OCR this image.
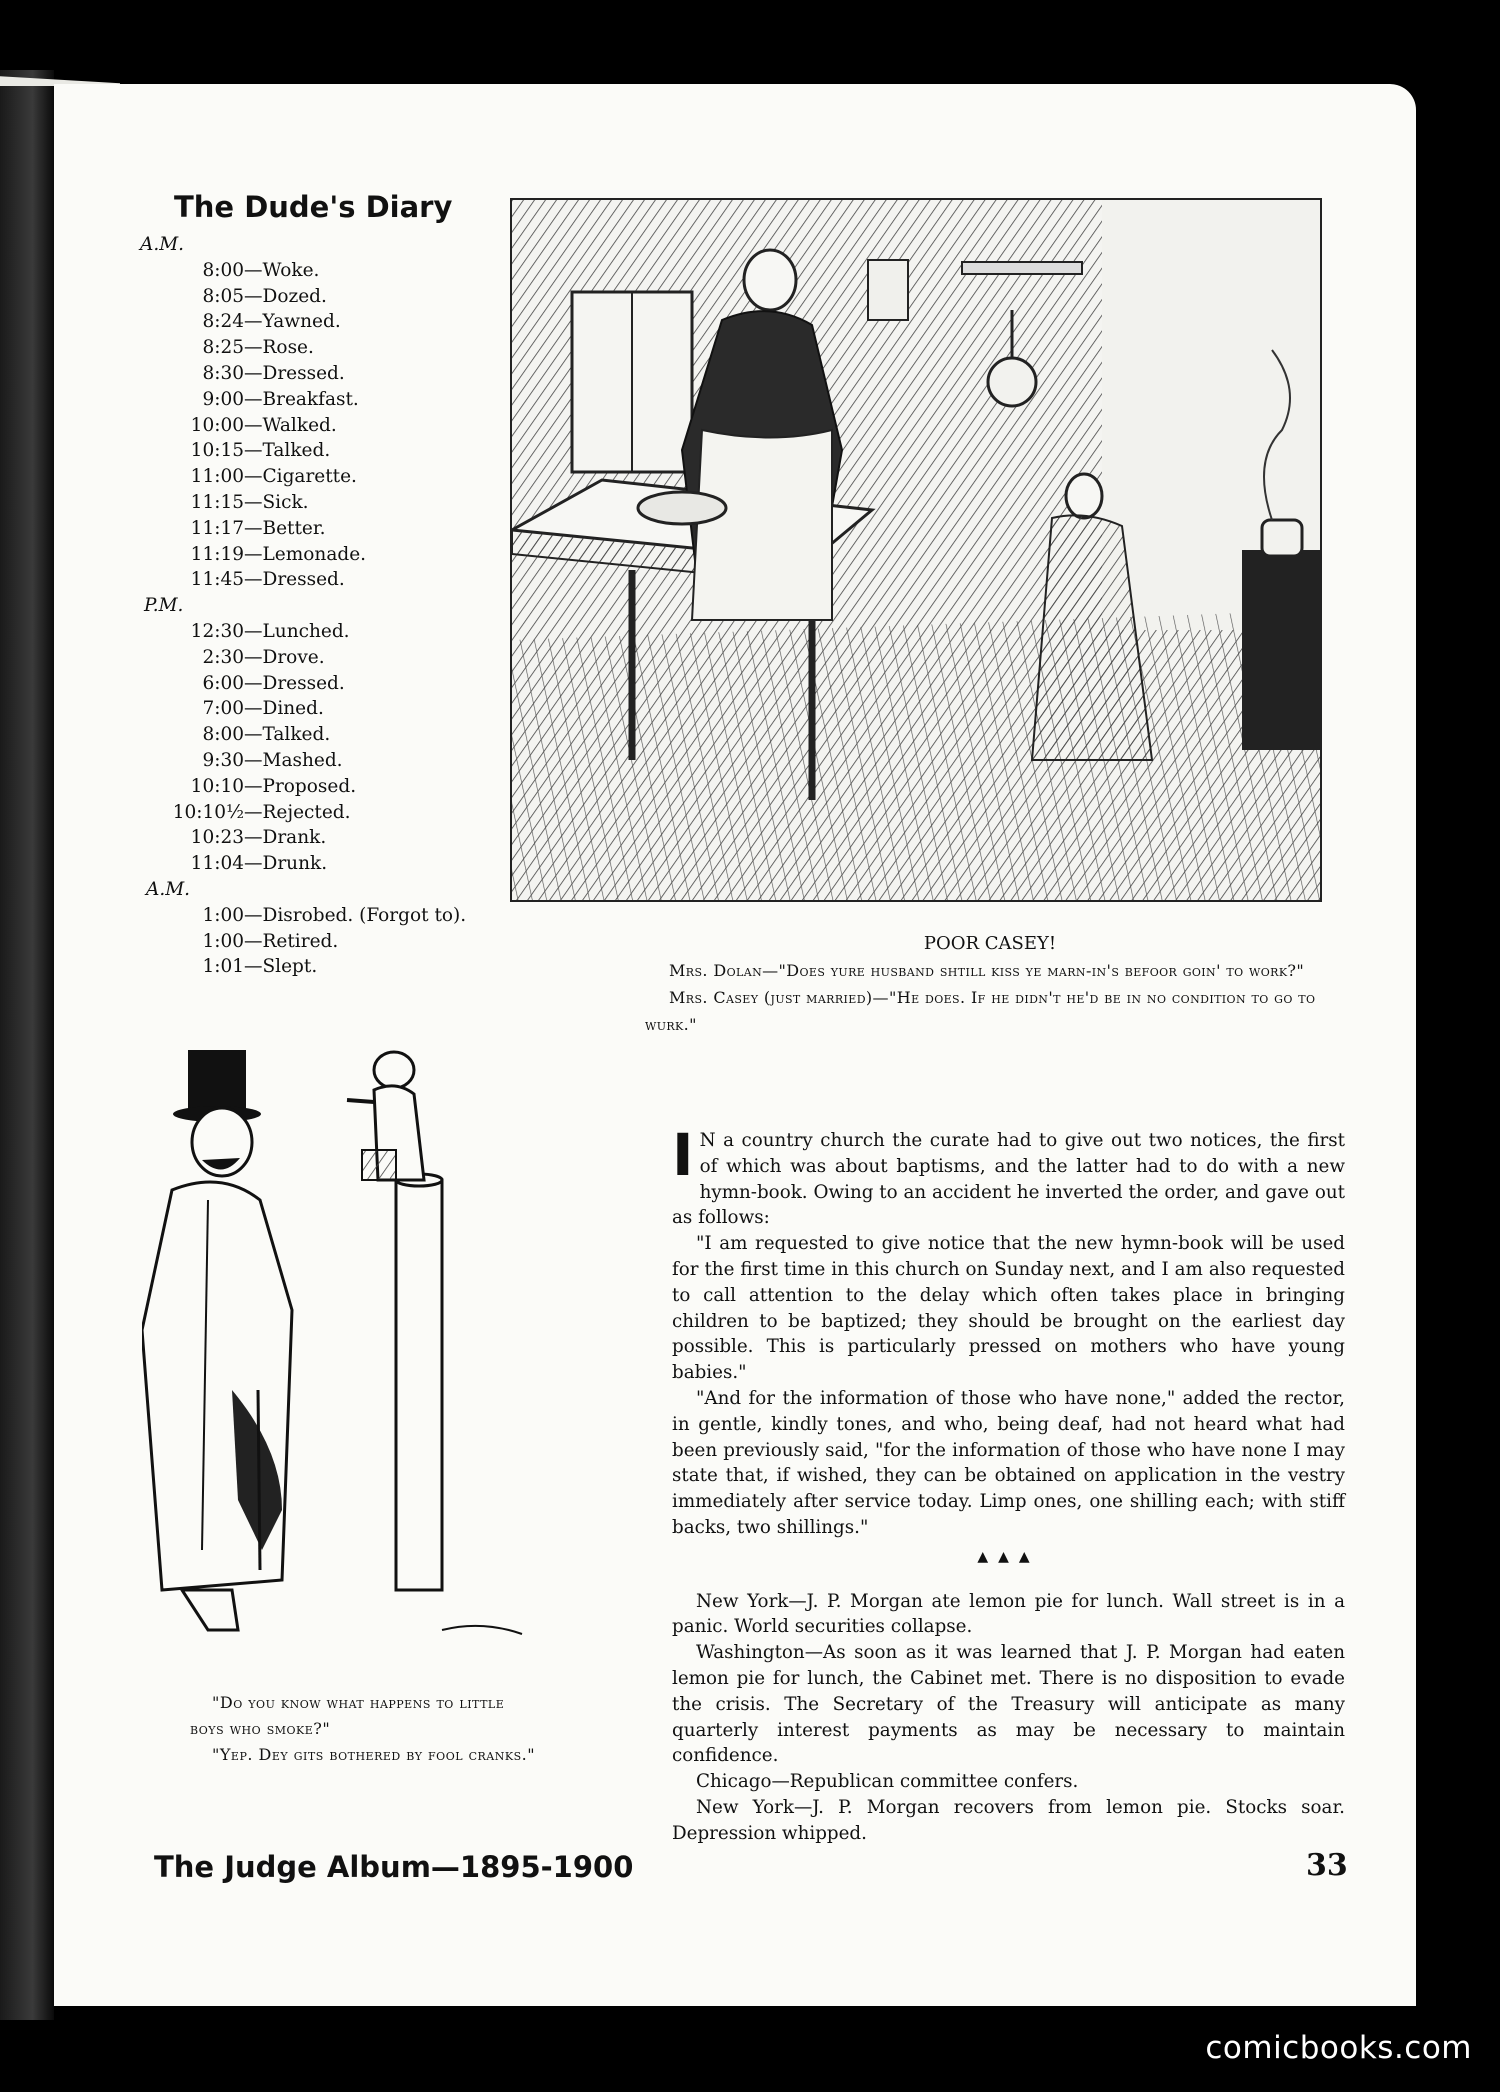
The Dude's Diary
A.M.
8:00 —Woke.
8:05 —Dozed.
8:24 —Yawned.
8:25 —Rose.
8:30 —Dressed.
9:00 —Breakfast.
10:00 —Walked.
10:15 —Talked.
11:00 —Cigarette.
11:15 —Sick.
11:17 —Better.
11:19 —Lemonade.
11:45 —Dressed.
P.M.
12:30 —Lunched.
2:30 —Drove.
6:00 —Dressed.
7:00 —Dined.
8:00 —Talked.
9:30 —Mashed.
10:10 —Proposed.
10:10½ —Rejected.
10:23 —Drank.
11:04 —Drunk.
A.M.
1:00 —Disrobed. (Forgot to).
1:00 —Retired.
1:01 —Slept.
POOR CASEY!

Mrs. Dolan—"Does yure husband shtill kiss ye marn-in's befoor goin' to work?"

Mrs. Casey (just married)—"He does. If he didn't he'd be in no condition to go to wurk."

"Do you know what happens to little boys who smoke?"

"Yep. Dey gits bothered by fool cranks."

I N a country church the curate had to give out two notices, the first of which was about baptisms, and the latter had to do with a new hymn-book. Owing to an accident he inverted the order, and gave out as follows:

"I am requested to give notice that the new hymn-book will be used for the first time in this church on Sunday next, and I am also requested to call attention to the delay which often takes place in bringing children to be baptized; they should be brought on the earliest day possible. This is particularly pressed on mothers who have young babies."

"And for the information of those who have none," added the rector, in gentle, kindly tones, and who, being deaf, had not heard what had been previously said, "for the information of those who have none I may state that, if wished, they can be obtained on application in the vestry immediately after service today. Limp ones, one shilling each; with stiff backs, two shillings."

▲▲▲

New York—J. P. Morgan ate lemon pie for lunch. Wall street is in a panic. World securities collapse.

Washington—As soon as it was learned that J. P. Morgan had eaten lemon pie for lunch, the Cabinet met. There is no disposition to evade the crisis. The Secretary of the Treasury will anticipate as many quarterly interest payments as may be necessary to maintain confidence.

Chicago—Republican committee confers.

New York—J. P. Morgan recovers from lemon pie. Stocks soar. Depression whipped.

The Judge Album—1895-1900	33
comicbooks.com
